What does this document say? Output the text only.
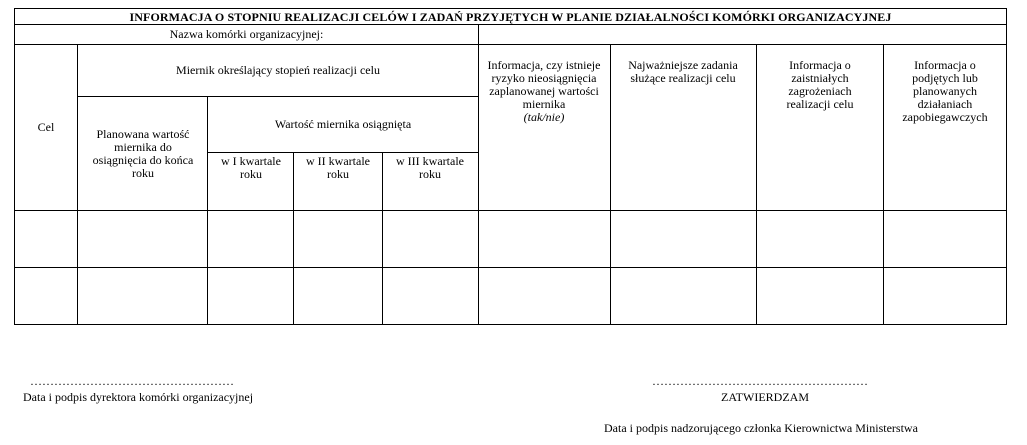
INFORMACJA O STOPNIU REALIZACJI CELÓW I ZADAŃ PRZYJĘTYCH W PLANIE DZIAŁALNOŚCI KOMÓRKI ORGANIZACYJNEJ
Nazwa komórki organizacyjnej:
Cel
Miernik określający stopień realizacji celu
Planowana wartość miernika do osiągnięcia do końca roku
Wartość miernika osiągnięta
w I kwartale roku
w II kwartale roku
w III kwartale roku
Informacja, czy istnieje ryzyko nieosiągnięcia zaplanowanej wartości miernika
(tak/nie)
Najważniejsze zadania służące realizacji celu
Informacja o zaistniałych zagrożeniach realizacji celu
Informacja o podjętych lub planowanych działaniach zapobiegawczych
……………………………………………
Data i podpis dyrektora komórki organizacyjnej
………………………………………………
ZATWIERDZAM
Data i podpis nadzorującego członka Kierownictwa Ministerstwa
